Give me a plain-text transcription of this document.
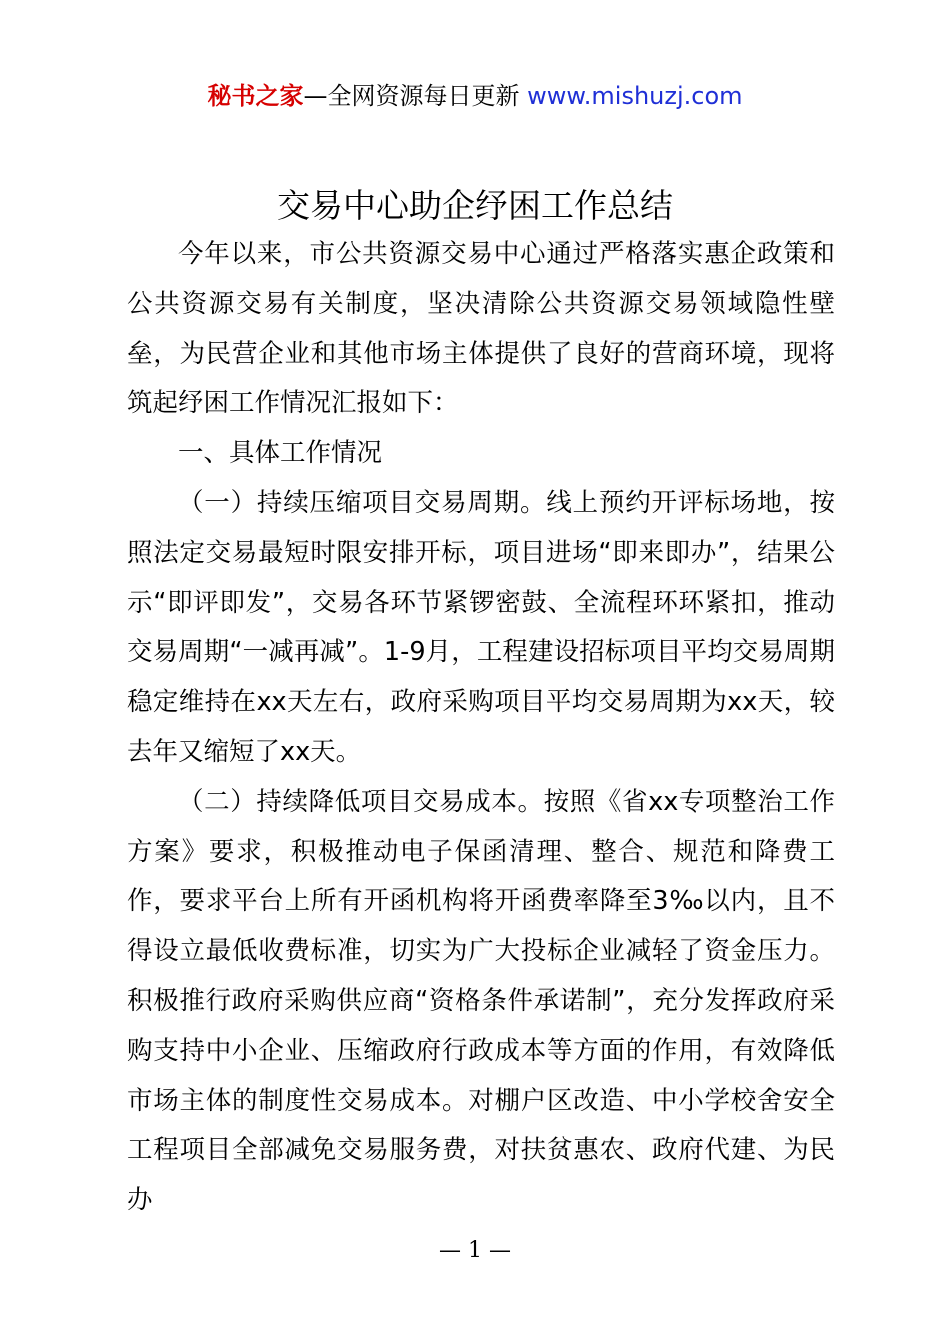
秘书之家—全网资源每日更新 www.mishuzj.com
交易中心助企纾困工作总结

今年以来，市公共资源交易中心通过严格落实惠企政策和公共资源交易有关制度，坚决清除公共资源交易领域隐性壁垒，为民营企业和其他市场主体提供了良好的营商环境，现将筑起纾困工作情况汇报如下：

一、具体工作情况

（一）持续压缩项目交易周期。线上预约开评标场地，按照法定交易最短时限安排开标，项目进场“即来即办”，结果公示“即评即发”，交易各环节紧锣密鼓、全流程环环紧扣，推动交易周期“一减再减”。1-9月，工程建设招标项目平均交易周期稳定维持在xx天左右，政府采购项目平均交易周期为xx天，较去年又缩短了xx天。

（二）持续降低项目交易成本。按照《省xx专项整治工作方案》要求，积极推动电子保函清理、整合、规范和降费工作，要求平台上所有开函机构将开函费率降至3‰以内，且不得设立最低收费标准，切实为广大投标企业减轻了资金压力。积极推行政府采购供应商“资格条件承诺制”，充分发挥政府采购支持中小企业、压缩政府行政成本等方面的作用，有效降低市场主体的制度性交易成本。对棚户区改造、中小学校舍安全工程项目全部减免交易服务费，对扶贫惠农、政府代建、为民办

— 1 —
